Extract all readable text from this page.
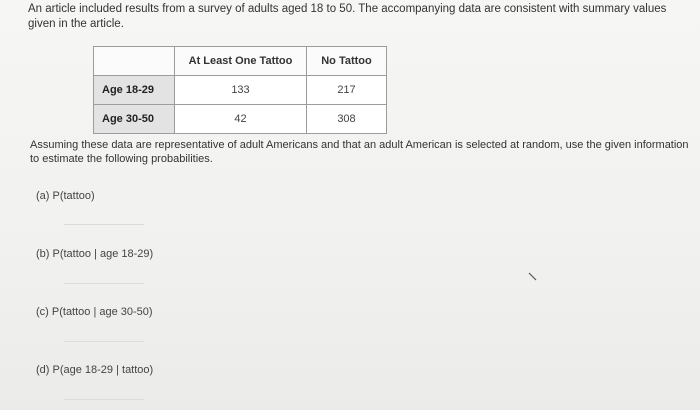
An article included results from a survey of adults aged 18 to 50. The accompanying data are consistent with summary values given in the article.
	At Least One Tattoo	No Tattoo
Age 18-29	133	217
Age 30-50	42	308
Assuming these data are representative of adult Americans and that an adult American is selected at random, use the given information to estimate the following probabilities.
(a) P(tattoo)
(b) P(tattoo | age 18-29)
(c) P(tattoo | age 30-50)
(d) P(age 18-29 | tattoo)
